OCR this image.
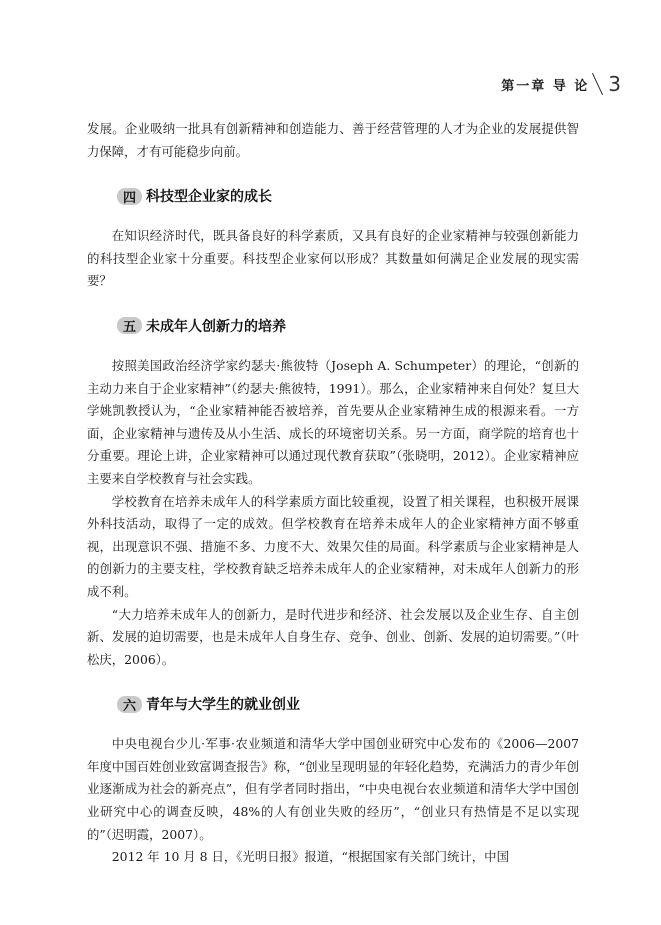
第一章 导 论 3

发展。企业吸纳一批具有创新精神和创造能力、善于经营管理的人才为企业的发展提供智力保障，才有可能稳步向前。

四 科技型企业家的成长

在知识经济时代，既具备良好的科学素质，又具有良好的企业家精神与较强创新能力的科技型企业家十分重要。科技型企业家何以形成？其数量如何满足企业发展的现实需要？

五 未成年人创新力的培养

按照美国政治经济学家约瑟夫·熊彼特（Joseph A. Schumpeter）的理论，“创新的主动力来自于企业家精神”（约瑟夫·熊彼特，1991）。那么，企业家精神来自何处？复旦大学姚凯教授认为，“企业家精神能否被培养，首先要从企业家精神生成的根源来看。一方面，企业家精神与遗传及从小生活、成长的环境密切关系。另一方面，商学院的培育也十分重要。理论上讲，企业家精神可以通过现代教育获取”（张晓明，2012）。企业家精神应主要来自学校教育与社会实践。

学校教育在培养未成年人的科学素质方面比较重视，设置了相关课程，也积极开展课外科技活动，取得了一定的成效。但学校教育在培养未成年人的企业家精神方面不够重视，出现意识不强、措施不多、力度不大、效果欠佳的局面。科学素质与企业家精神是人的创新力的主要支柱，学校教育缺乏培养未成年人的企业家精神，对未成年人创新力的形成不利。

“大力培养未成年人的创新力，是时代进步和经济、社会发展以及企业生存、自主创新、发展的迫切需要，也是未成年人自身生存、竞争、创业、创新、发展的迫切需要。”（叶松庆，2006）。

六 青年与大学生的就业创业

中央电视台少儿·军事·农业频道和清华大学中国创业研究中心发布的《2006—2007 年度中国百姓创业致富调查报告》称，“创业呈现明显的年轻化趋势，充满活力的青少年创业逐渐成为社会的新亮点”，但有学者同时指出，“中央电视台农业频道和清华大学中国创业研究中心的调查反映，48%的人有创业失败的经历”，“创业只有热情是不足以实现的”（迟明霞，2007）。

2012 年 10 月 8 日，《光明日报》报道，“根据国家有关部门统计，中国
